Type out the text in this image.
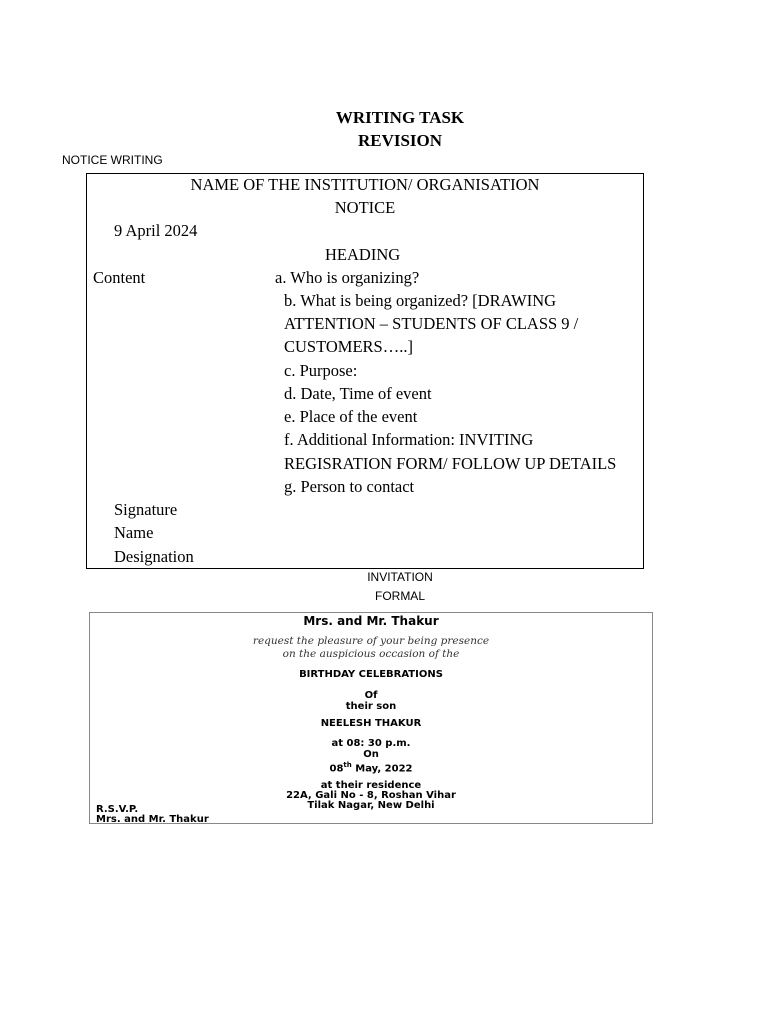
WRITING TASK
REVISION
NOTICE WRITING
NAME OF THE INSTITUTION/ ORGANISATION
NOTICE
9 April 2024
HEADING
Content	a. Who is organizing?
b. What is being organized? [DRAWING
ATTENTION – STUDENTS OF CLASS 9 /
CUSTOMERS…..]
c. Purpose:
d. Date, Time of event
e. Place of the event
f. Additional Information: INVITING
REGISRATION FORM/ FOLLOW UP DETAILS
g. Person to contact
Signature
Name
Designation
INVITATION
FORMAL
Mrs. and Mr. Thakur
request the pleasure of your being presence
on the auspicious occasion of the
BIRTHDAY CELEBRATIONS
Of
their son
NEELESH THAKUR
at 08: 30 p.m.
On
08th May, 2022
at their residence
22A, Gali No - 8, Roshan Vihar
Tilak Nagar, New Delhi
R.S.V.P.
Mrs. and Mr. Thakur
